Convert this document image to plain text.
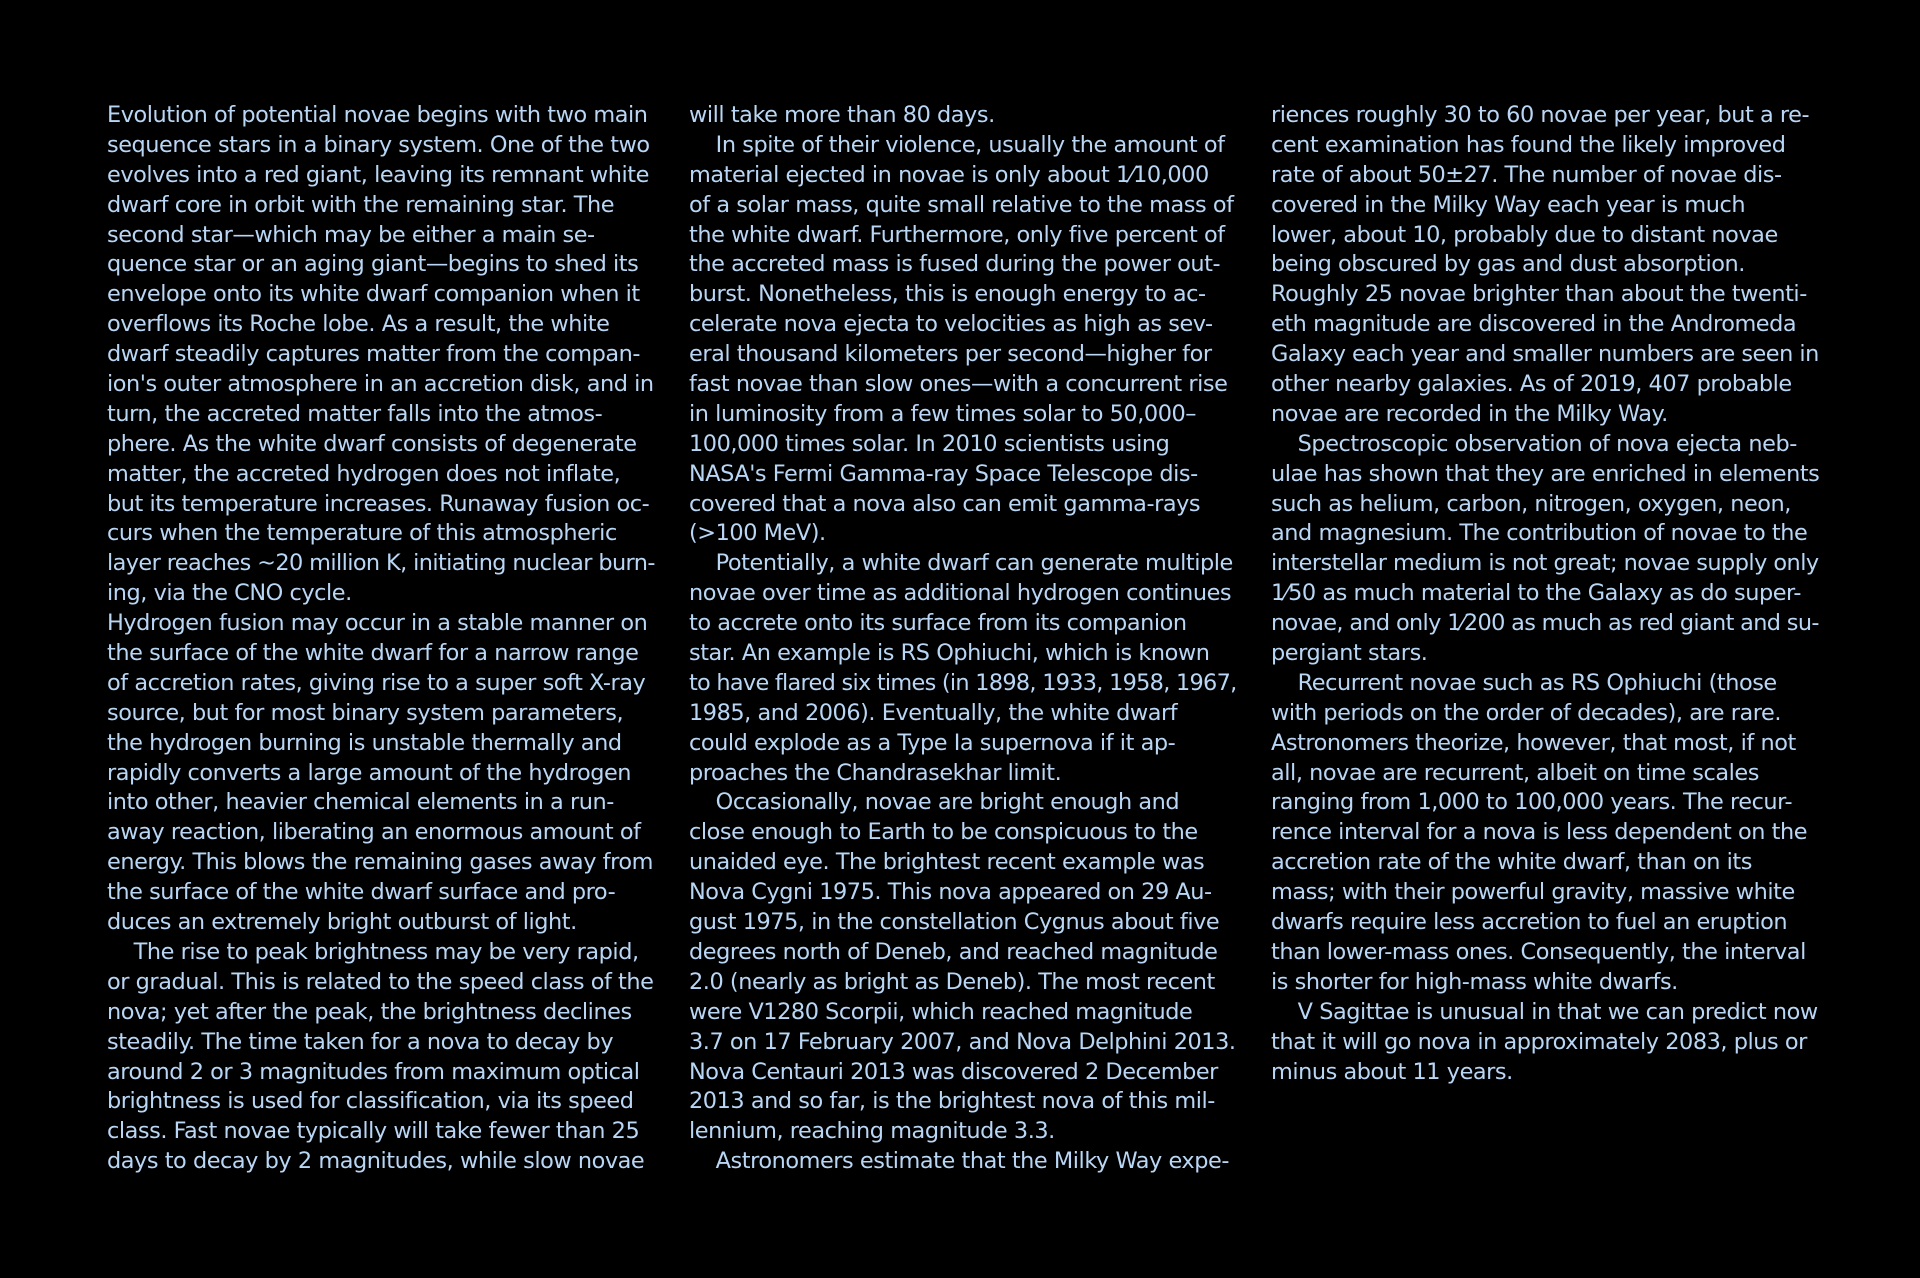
Evolution of potential novae begins with two main
sequence stars in a binary system. One of the two
evolves into a red giant, leaving its remnant white
dwarf core in orbit with the remaining star. The
second star—which may be either a main se-
quence star or an aging giant—begins to shed its
envelope onto its white dwarf companion when it
overflows its Roche lobe. As a result, the white
dwarf steadily captures matter from the compan-
ion's outer atmosphere in an accretion disk, and in
turn, the accreted matter falls into the atmos-
phere. As the white dwarf consists of degenerate
matter, the accreted hydrogen does not inflate,
but its temperature increases. Runaway fusion oc-
curs when the temperature of this atmospheric
layer reaches ~20 million K, initiating nuclear burn-
ing, via the CNO cycle.
Hydrogen fusion may occur in a stable manner on
the surface of the white dwarf for a narrow range
of accretion rates, giving rise to a super soft X-ray
source, but for most binary system parameters,
the hydrogen burning is unstable thermally and
rapidly converts a large amount of the hydrogen
into other, heavier chemical elements in a run-
away reaction, liberating an enormous amount of
energy. This blows the remaining gases away from
the surface of the white dwarf surface and pro-
duces an extremely bright outburst of light.
The rise to peak brightness may be very rapid,
or gradual. This is related to the speed class of the
nova; yet after the peak, the brightness declines
steadily. The time taken for a nova to decay by
around 2 or 3 magnitudes from maximum optical
brightness is used for classification, via its speed
class. Fast novae typically will take fewer than 25
days to decay by 2 magnitudes, while slow novae
will take more than 80 days.
In spite of their violence, usually the amount of
material ejected in novae is only about 1⁄10,000
of a solar mass, quite small relative to the mass of
the white dwarf. Furthermore, only five percent of
the accreted mass is fused during the power out-
burst. Nonetheless, this is enough energy to ac-
celerate nova ejecta to velocities as high as sev-
eral thousand kilometers per second—higher for
fast novae than slow ones—with a concurrent rise
in luminosity from a few times solar to 50,000–
100,000 times solar. In 2010 scientists using
NASA's Fermi Gamma-ray Space Telescope dis-
covered that a nova also can emit gamma-rays
(>100 MeV).
Potentially, a white dwarf can generate multiple
novae over time as additional hydrogen continues
to accrete onto its surface from its companion
star. An example is RS Ophiuchi, which is known
to have flared six times (in 1898, 1933, 1958, 1967,
1985, and 2006). Eventually, the white dwarf
could explode as a Type Ia supernova if it ap-
proaches the Chandrasekhar limit.
Occasionally, novae are bright enough and
close enough to Earth to be conspicuous to the
unaided eye. The brightest recent example was
Nova Cygni 1975. This nova appeared on 29 Au-
gust 1975, in the constellation Cygnus about five
degrees north of Deneb, and reached magnitude
2.0 (nearly as bright as Deneb). The most recent
were V1280 Scorpii, which reached magnitude
3.7 on 17 February 2007, and Nova Delphini 2013.
Nova Centauri 2013 was discovered 2 December
2013 and so far, is the brightest nova of this mil-
lennium, reaching magnitude 3.3.
Astronomers estimate that the Milky Way expe-
riences roughly 30 to 60 novae per year, but a re-
cent examination has found the likely improved
rate of about 50±27. The number of novae dis-
covered in the Milky Way each year is much
lower, about 10, probably due to distant novae
being obscured by gas and dust absorption.
Roughly 25 novae brighter than about the twenti-
eth magnitude are discovered in the Andromeda
Galaxy each year and smaller numbers are seen in
other nearby galaxies. As of 2019, 407 probable
novae are recorded in the Milky Way.
Spectroscopic observation of nova ejecta neb-
ulae has shown that they are enriched in elements
such as helium, carbon, nitrogen, oxygen, neon,
and magnesium. The contribution of novae to the
interstellar medium is not great; novae supply only
1⁄50 as much material to the Galaxy as do super-
novae, and only 1⁄200 as much as red giant and su-
pergiant stars.
Recurrent novae such as RS Ophiuchi (those
with periods on the order of decades), are rare.
Astronomers theorize, however, that most, if not
all, novae are recurrent, albeit on time scales
ranging from 1,000 to 100,000 years. The recur-
rence interval for a nova is less dependent on the
accretion rate of the white dwarf, than on its
mass; with their powerful gravity, massive white
dwarfs require less accretion to fuel an eruption
than lower-mass ones. Consequently, the interval
is shorter for high-mass white dwarfs.
V Sagittae is unusual in that we can predict now
that it will go nova in approximately 2083, plus or
minus about 11 years.
